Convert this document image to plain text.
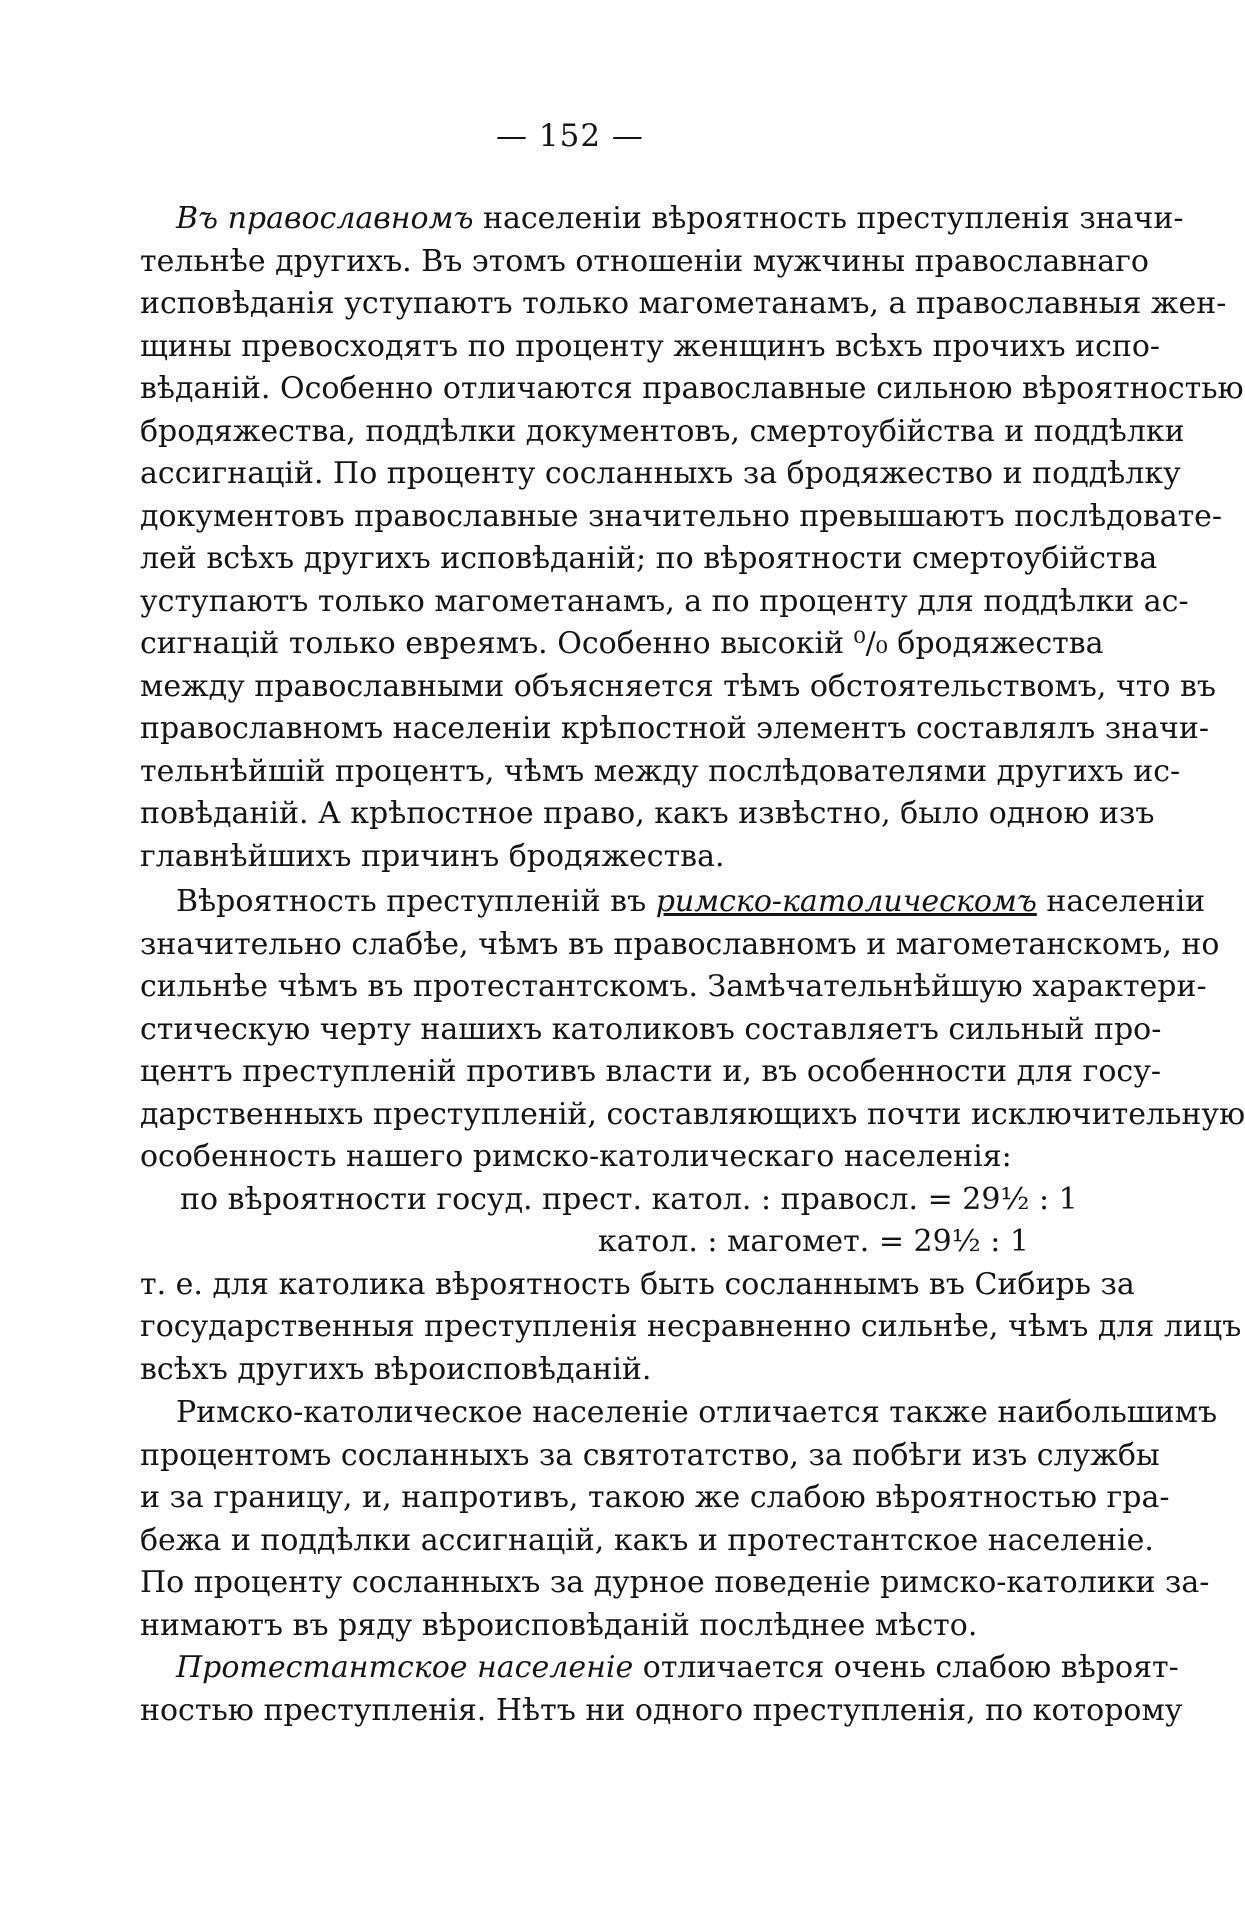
— 152 —
Въ православномъ населенiи вѣроятность преступленiя значи-
тельнѣе другихъ. Въ этомъ отношенiи мужчины православнаго
исповѣданiя уступаютъ только магометанамъ, а православныя жен-
щины превосходятъ по проценту женщинъ всѣхъ прочихъ испо-
вѣданiй. Особенно отличаются православные сильною вѣроятностью
бродяжества, поддѣлки документовъ, смертоубiйства и поддѣлки
ассигнацiй. По проценту сосланныхъ за бродяжество и поддѣлку
документовъ православные значительно превышаютъ послѣдовате-
лей всѣхъ другихъ исповѣданiй; по вѣроятности смертоубiйства
уступаютъ только магометанамъ, а по проценту для поддѣлки ас-
сигнацiй только евреямъ. Особенно высокiй ⁰/₀ бродяжества
между православными объясняется тѣмъ обстоятельствомъ, что въ
православномъ населенiи крѣпостной элементъ составлялъ значи-
тельнѣйшiй процентъ, чѣмъ между послѣдователями другихъ ис-
повѣданiй. А крѣпостное право, какъ извѣстно, было одною изъ
главнѣйшихъ причинъ бродяжества.
Вѣроятность преступленiй въ римско-католическомъ населенiи
значительно слабѣе, чѣмъ въ православномъ и магометанскомъ, но
сильнѣе чѣмъ въ протестантскомъ. Замѣчательнѣйшую характери-
стическую черту нашихъ католиковъ составляетъ сильный про-
центъ преступленiй противъ власти и, въ особенности для госу-
дарственныхъ преступленiй, составляющихъ почти исключительную
особенность нашего римско-католическаго населенiя:
по вѣроятности госуд. прест. катол. : правосл. = 29½ : 1
катол. : магомет. = 29½ : 1
т. е. для католика вѣроятность быть сосланнымъ въ Сибирь за
государственныя преступленiя несравненно сильнѣе, чѣмъ для лицъ
всѣхъ другихъ вѣроисповѣданiй.
Римско-католическое населенiе отличается также наибольшимъ
процентомъ сосланныхъ за святотатство, за побѣги изъ службы
и за границу, и, напротивъ, такою же слабою вѣроятностью гра-
бежа и поддѣлки ассигнацiй, какъ и протестантское населенiе.
По проценту сосланныхъ за дурное поведенiе римско-католики за-
нимаютъ въ ряду вѣроисповѣданiй послѣднее мѣсто.
Протестантское населенiе отличается очень слабою вѣроят-
ностью преступленiя. Нѣтъ ни одного преступленiя, по которому
